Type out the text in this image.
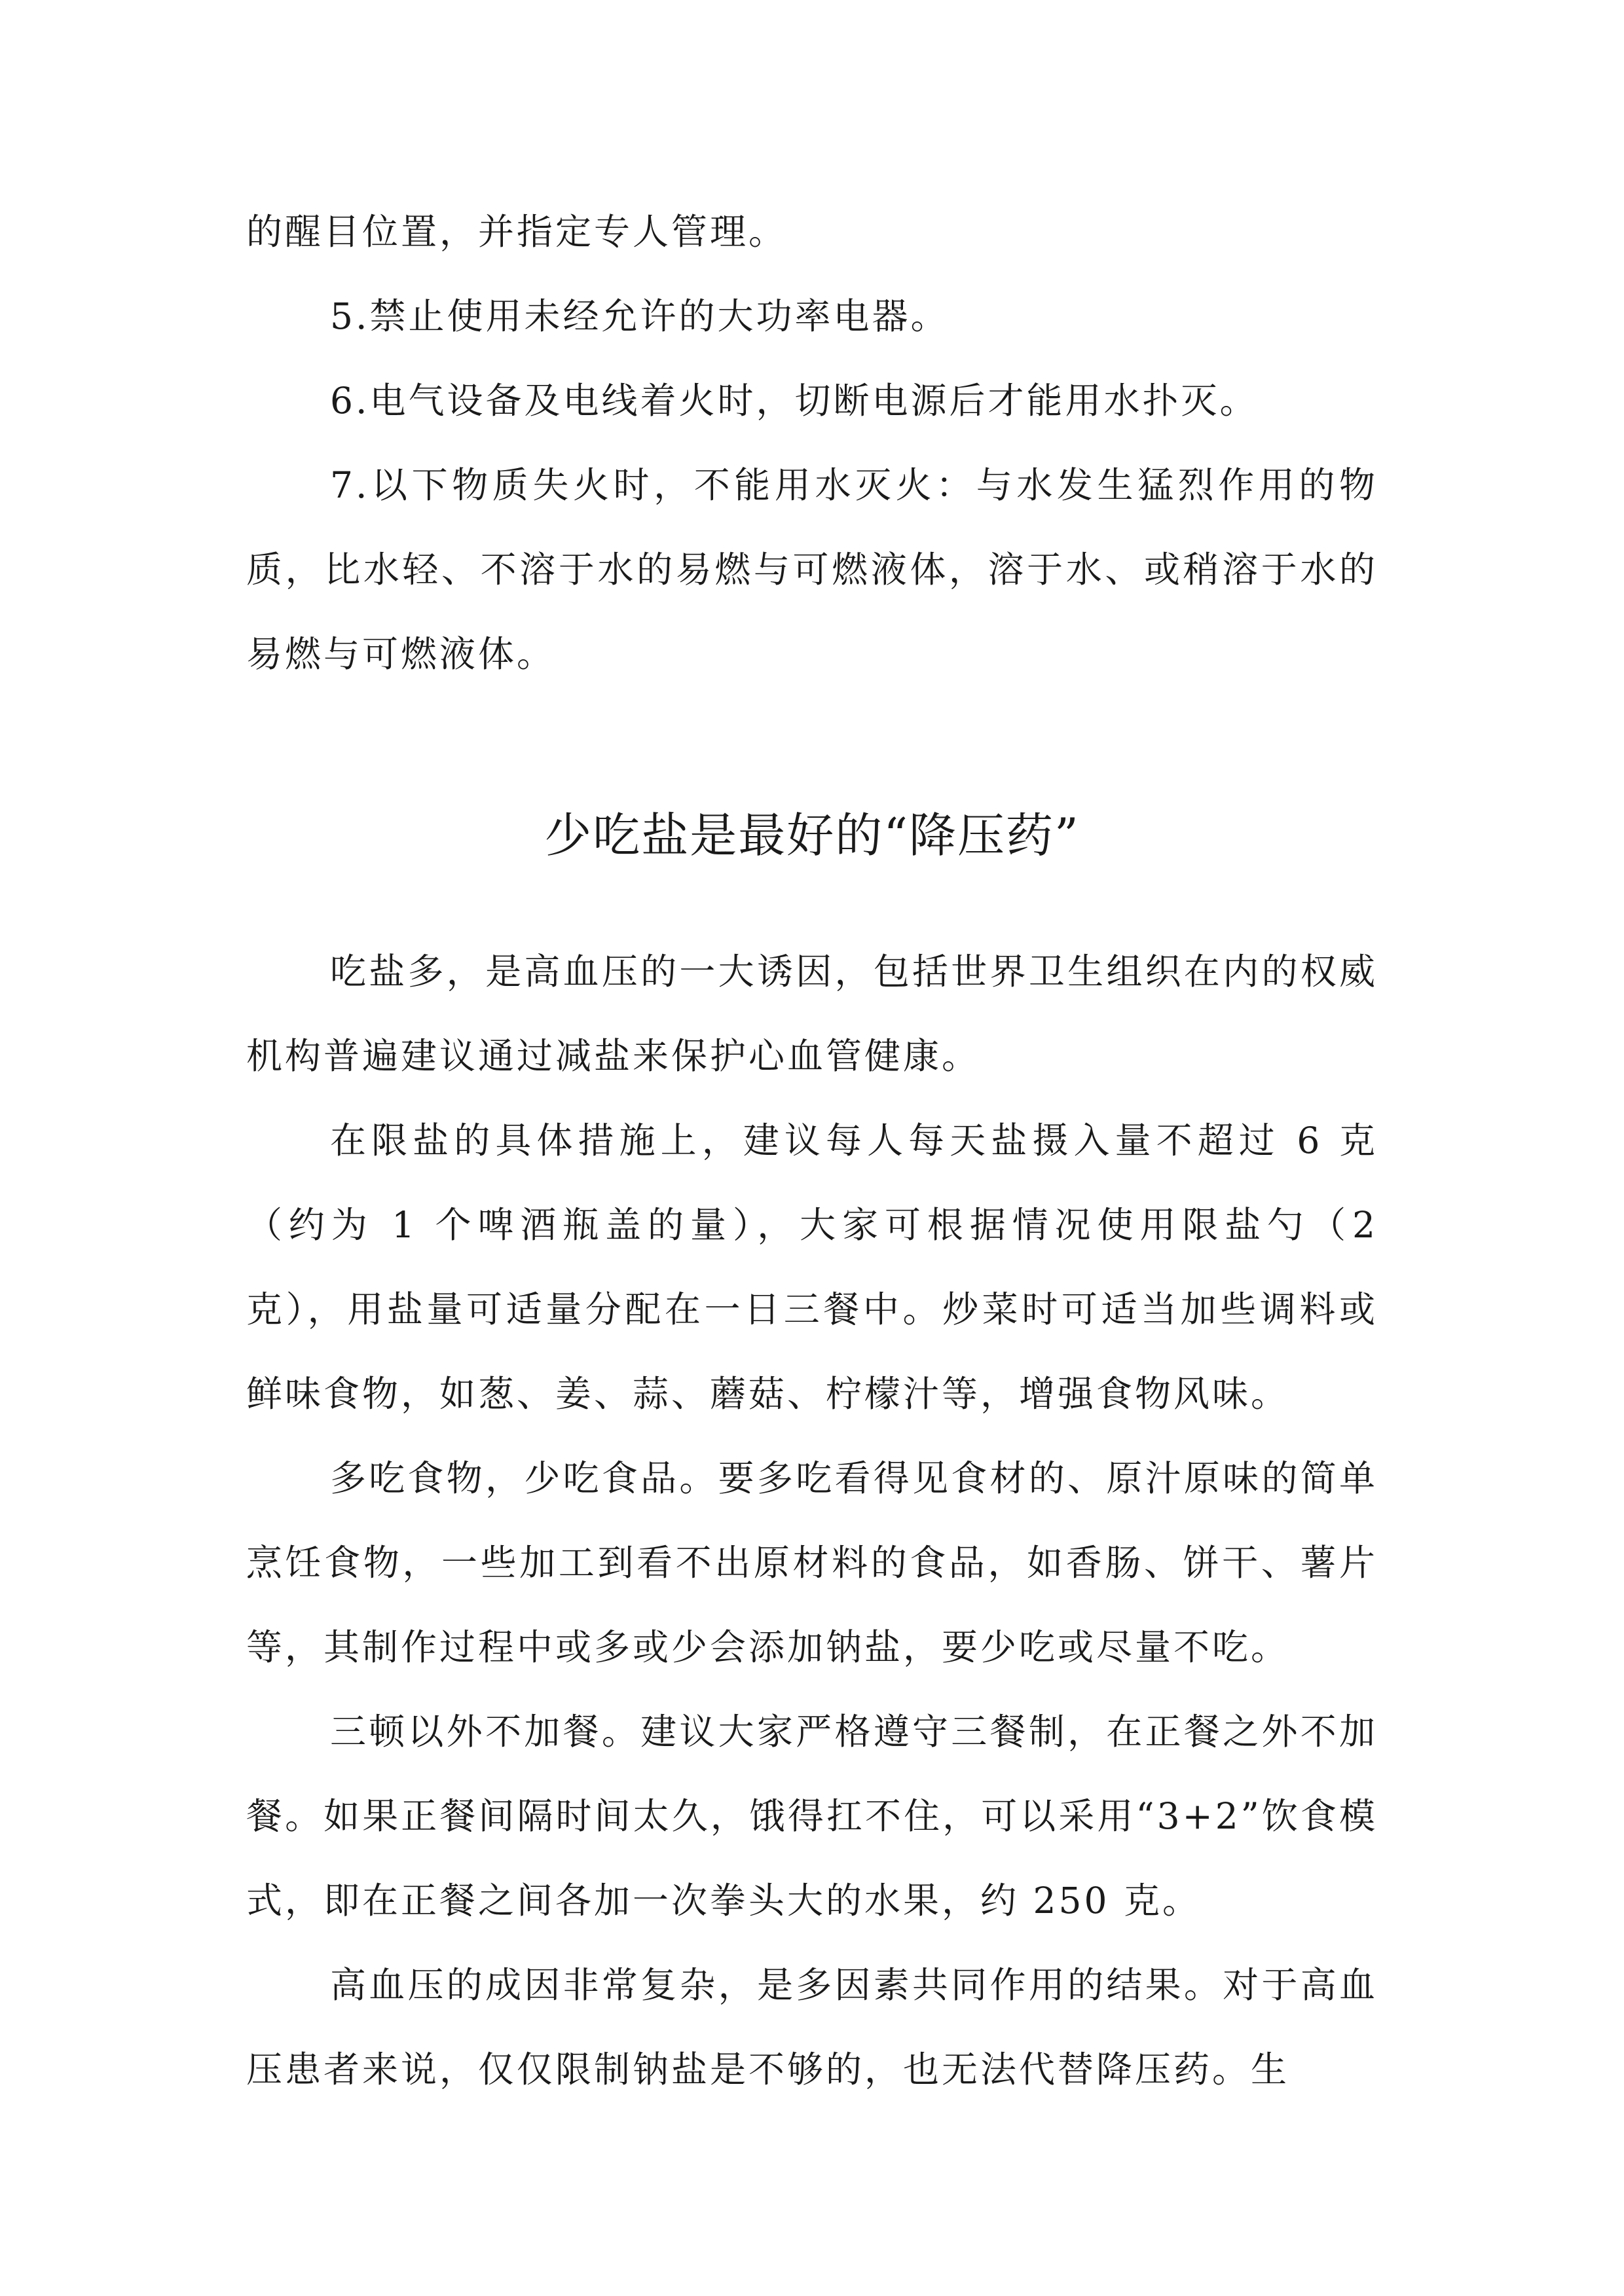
的醒目位置，并指定专人管理。

5.禁止使用未经允许的大功率电器。

6.电气设备及电线着火时，切断电源后才能用水扑灭。

7.以下物质失火时，不能用水灭火：与水发生猛烈作用的物质，比水轻、不溶于水的易燃与可燃液体，溶于水、或稍溶于水的易燃与可燃液体。

少吃盐是最好的“降压药”

吃盐多，是高血压的一大诱因，包括世界卫生组织在内的权威机构普遍建议通过减盐来保护心血管健康。

在限盐的具体措施上，建议每人每天盐摄入量不超过 6 克（约为 1 个啤酒瓶盖的量），大家可根据情况使用限盐勺（2 克），用盐量可适量分配在一日三餐中。炒菜时可适当加些调料或鲜味食物，如葱、姜、蒜、蘑菇、柠檬汁等，增强食物风味。

多吃食物，少吃食品。要多吃看得见食材的、原汁原味的简单烹饪食物，一些加工到看不出原材料的食品，如香肠、饼干、薯片等，其制作过程中或多或少会添加钠盐，要少吃或尽量不吃。

三顿以外不加餐。建议大家严格遵守三餐制，在正餐之外不加餐。如果正餐间隔时间太久，饿得扛不住，可以采用“3+2”饮食模式，即在正餐之间各加一次拳头大的水果，约 250 克。

高血压的成因非常复杂，是多因素共同作用的结果。对于高血压患者来说，仅仅限制钠盐是不够的，也无法代替降压药。生
